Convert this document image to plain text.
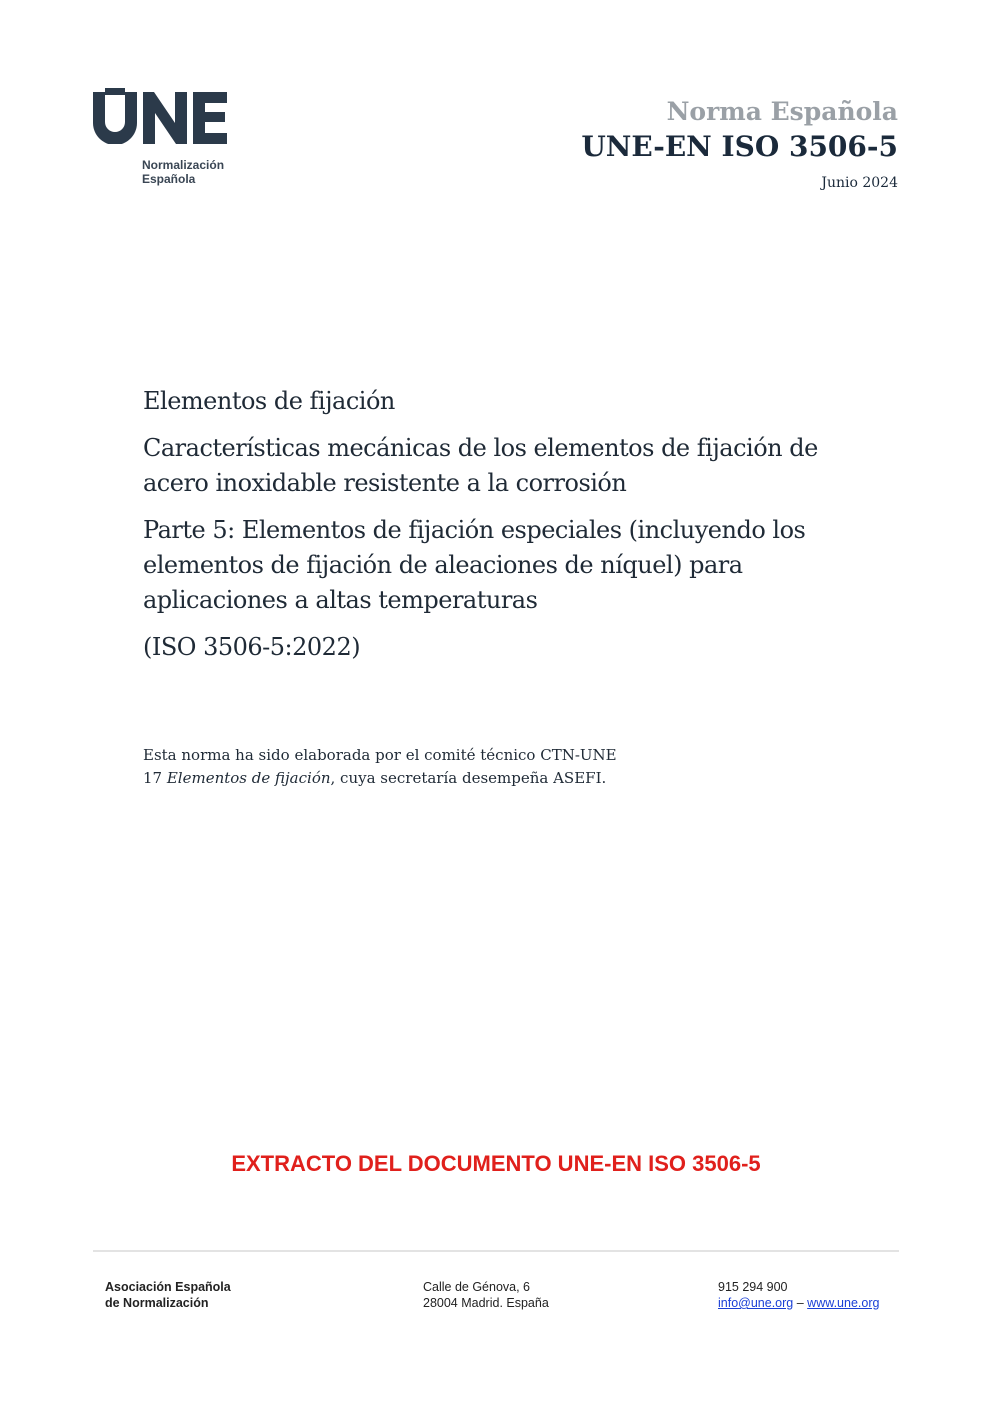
Normalización
Española
Norma Española
UNE-EN ISO 3506-5
Junio 2024

Elementos de fijación

Características mecánicas de los elementos de fijación de acero inoxidable resistente a la corrosión

Parte 5: Elementos de fijación especiales (incluyendo los elementos de fijación de aleaciones de níquel) para aplicaciones a altas temperaturas

(ISO 3506-5:2022)

Esta norma ha sido elaborada por el comité técnico CTN-UNE 17 Elementos de fijación, cuya secretaría desempeña ASEFI.
EXTRACTO DEL DOCUMENTO UNE-EN ISO 3506-5
Asociación Española
de Normalización
Calle de Génova, 6
28004 Madrid. España
915 294 900
info@une.org – www.une.org
